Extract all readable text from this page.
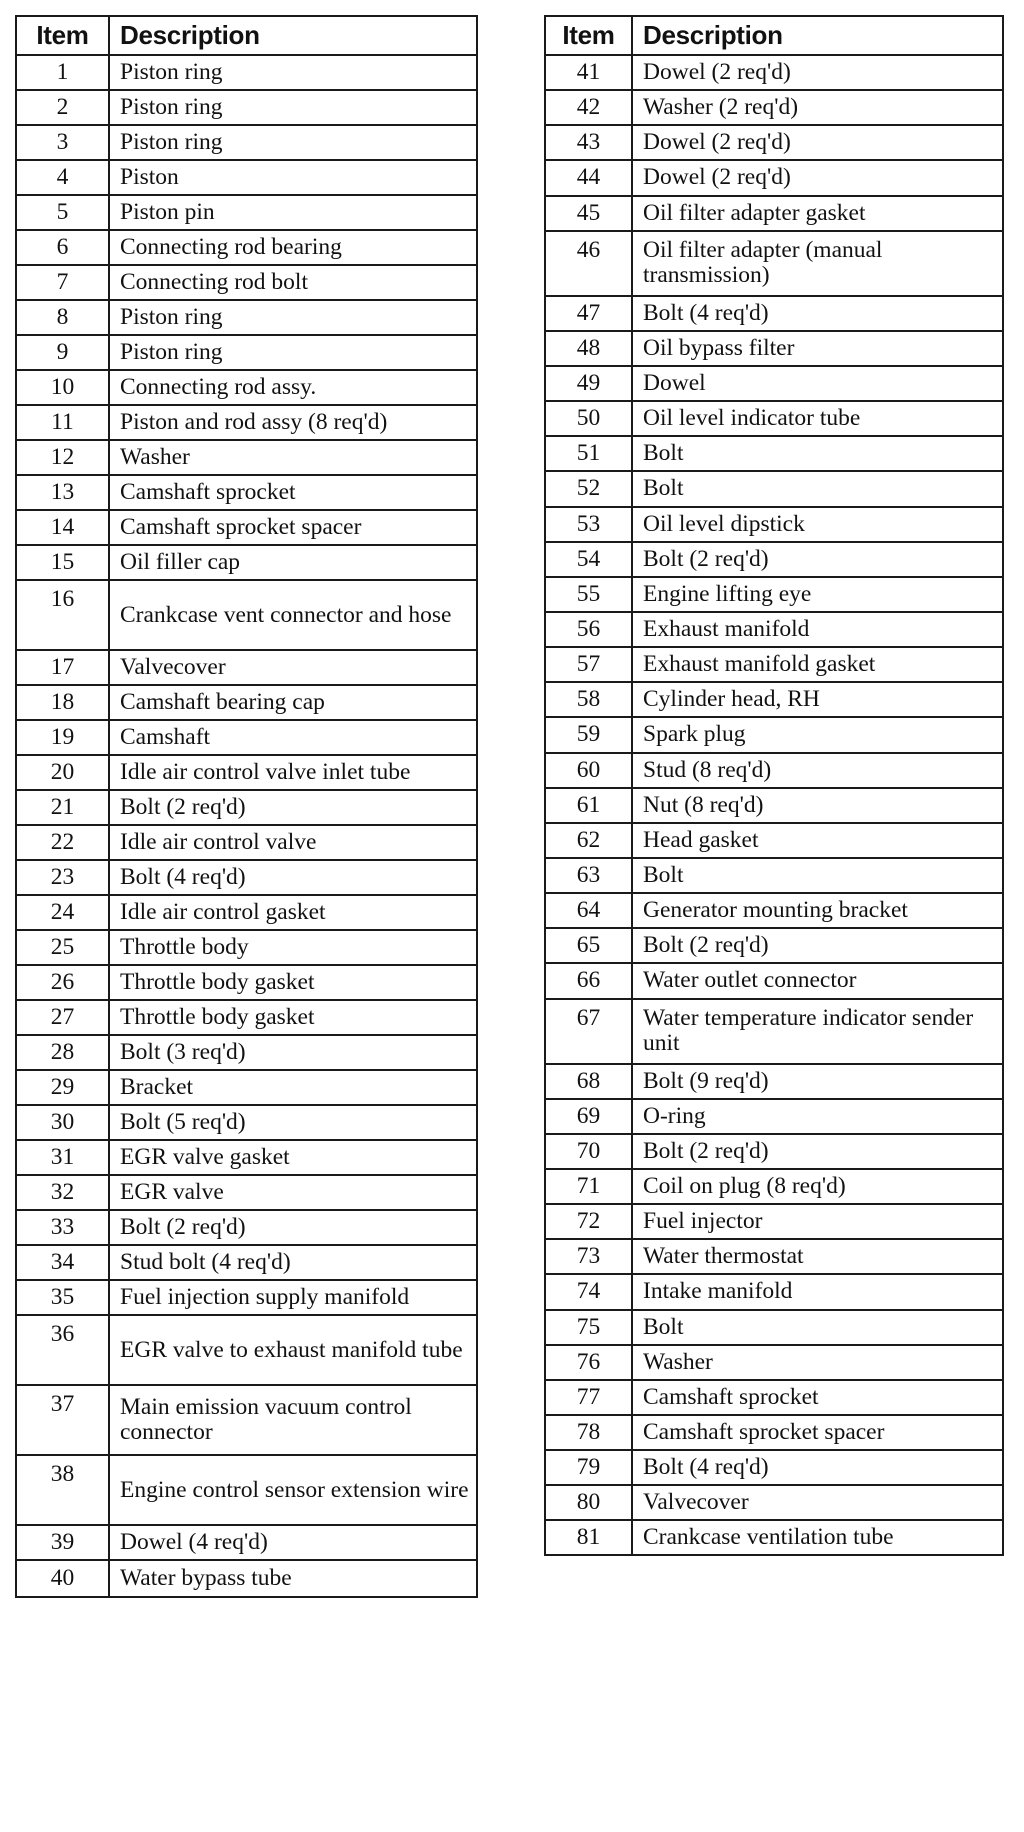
Item	Description
1	Piston ring
2	Piston ring
3	Piston ring
4	Piston
5	Piston pin
6	Connecting rod bearing
7	Connecting rod bolt
8	Piston ring
9	Piston ring
10	Connecting rod assy.
11	Piston and rod assy (8 req'd)
12	Washer
13	Camshaft sprocket
14	Camshaft sprocket spacer
15	Oil filler cap
16	Crankcase vent connector and hose
17	Valvecover
18	Camshaft bearing cap
19	Camshaft
20	Idle air control valve inlet tube
21	Bolt (2 req'd)
22	Idle air control valve
23	Bolt (4 req'd)
24	Idle air control gasket
25	Throttle body
26	Throttle body gasket
27	Throttle body gasket
28	Bolt (3 req'd)
29	Bracket
30	Bolt (5 req'd)
31	EGR valve gasket
32	EGR valve
33	Bolt (2 req'd)
34	Stud bolt (4 req'd)
35	Fuel injection supply manifold
36	EGR valve to exhaust manifold tube
37	Main emission vacuum control connector
38	Engine control sensor extension wire
39	Dowel (4 req'd)
40	Water bypass tube
Item	Description
41	Dowel (2 req'd)
42	Washer (2 req'd)
43	Dowel (2 req'd)
44	Dowel (2 req'd)
45	Oil filter adapter gasket
46	Oil filter adapter (manual transmission)
47	Bolt (4 req'd)
48	Oil bypass filter
49	Dowel
50	Oil level indicator tube
51	Bolt
52	Bolt
53	Oil level dipstick
54	Bolt (2 req'd)
55	Engine lifting eye
56	Exhaust manifold
57	Exhaust manifold gasket
58	Cylinder head, RH
59	Spark plug
60	Stud (8 req'd)
61	Nut (8 req'd)
62	Head gasket
63	Bolt
64	Generator mounting bracket
65	Bolt (2 req'd)
66	Water outlet connector
67	Water temperature indicator sender unit
68	Bolt (9 req'd)
69	O-ring
70	Bolt (2 req'd)
71	Coil on plug (8 req'd)
72	Fuel injector
73	Water thermostat
74	Intake manifold
75	Bolt
76	Washer
77	Camshaft sprocket
78	Camshaft sprocket spacer
79	Bolt (4 req'd)
80	Valvecover
81	Crankcase ventilation tube
